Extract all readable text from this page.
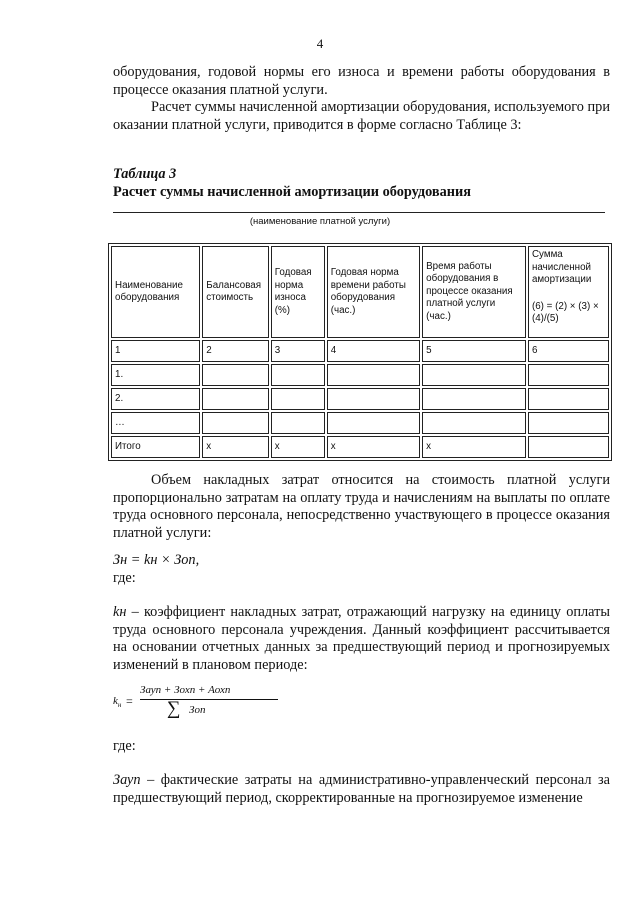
4
оборудования, годовой нормы его износа и времени работы оборудования в процессе оказания платной услуги.
Расчет суммы начисленной амортизации оборудования, используемого при оказании платной услуги, приводится в форме согласно Таблице 3:
Таблица 3
Расчет суммы начисленной амортизации оборудования
(наименование платной услуги)
Наименование оборудования	Балансовая стоимость	Годовая норма износа (%)	Годовая норма времени работы оборудования (час.)	Время работы оборудования в процессе оказания платной услуги (час.)	Сумма начисленной амортизации
(6) = (2) × (3) × (4)/(5)

1	2	3	4	5	6
1.					
2.					
…					
Итого	x	x	x	x	
Объем накладных затрат относится на стоимость платной услуги пропорционально затратам на оплату труда и начислениям на выплаты по оплате труда основного персонала, непосредственно участвующего в процессе оказания платной услуги:
Зн = kн × Зоп,
где:
kн – коэффициент накладных затрат, отражающий нагрузку на единицу оплаты труда основного персонала учреждения. Данный коэффициент рассчитывается на основании отчетных данных за предшествующий период и прогнозируемых изменений в плановом периоде:
$k_н$ =
Зауп + Зохп + Аохп
∑ Зоп
где:
Зауп – фактические затраты на административно-управленческий персонал за предшествующий период, скорректированные на прогнозируемое изменение
